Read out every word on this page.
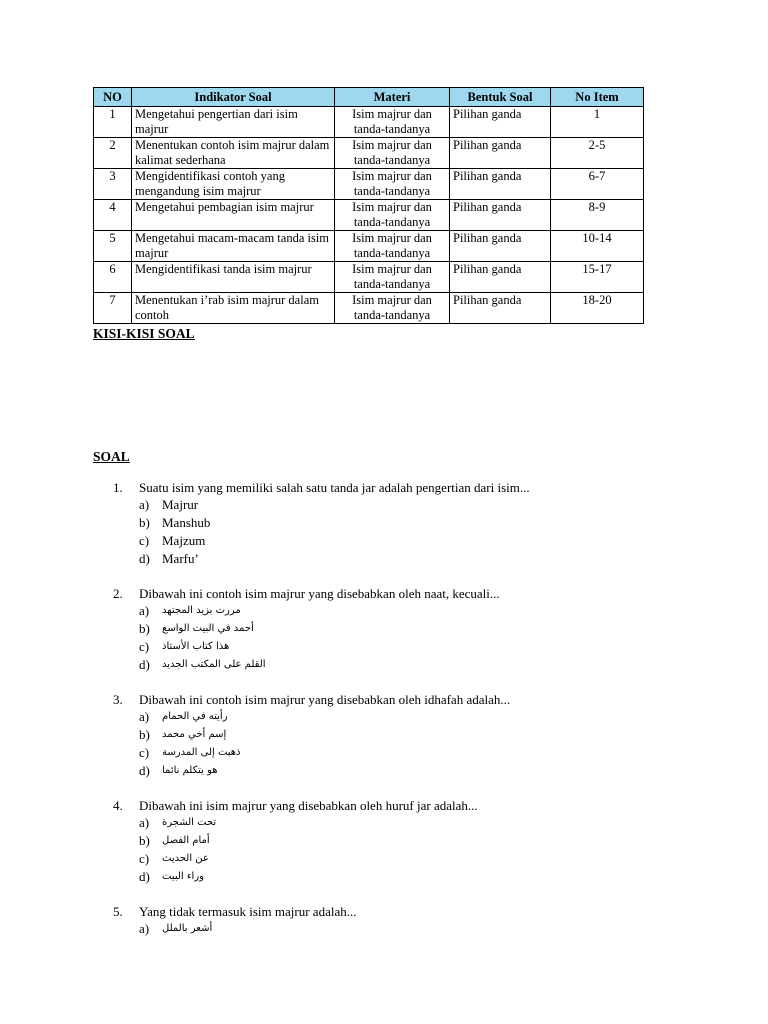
NO	Indikator Soal	Materi	Bentuk Soal	No Item
1	Mengetahui pengertian dari isim majrur	Isim majrur dan tanda-tandanya	Pilihan ganda	1
2	Menentukan contoh isim majrur dalam kalimat sederhana	Isim majrur dan tanda-tandanya	Pilihan ganda	2-5
3	Mengidentifikasi contoh yang mengandung isim majrur	Isim majrur dan tanda-tandanya	Pilihan ganda	6-7
4	Mengetahui pembagian isim majrur	Isim majrur dan tanda-tandanya	Pilihan ganda	8-9
5	Mengetahui macam-macam tanda isim majrur	Isim majrur dan tanda-tandanya	Pilihan ganda	10-14
6	Mengidentifikasi tanda isim majrur	Isim majrur dan tanda-tandanya	Pilihan ganda	15-17
7	Menentukan i’rab isim majrur dalam contoh	Isim majrur dan tanda-tandanya	Pilihan ganda	18-20
KISI-KISI SOAL
SOAL
1.	Suatu isim yang memiliki salah satu tanda jar adalah pengertian dari isim...
a) Majrur
b) Manshub
c) Majzum
d) Marfu’
2.	Dibawah ini contoh isim majrur yang disebabkan oleh naat, kecuali...
a)	مررت بزيد المجتهد
b)	أحمد في البيت الواسع
c)	هذا كتاب الأستاذ
d)	القلم على المكتب الجديد
3.	Dibawah ini contoh isim majrur yang disebabkan oleh idhafah adalah...
a)	رأيته في الحمام
b)	إسم أخي محمد
c)	ذهبت إلى المدرسة
d)	هو يتكلم نائما
4.	Dibawah ini isim majrur yang disebabkan oleh huruf jar adalah...
a)	تحت الشجرة
b)	أمام الفصل
c)	عن الحديث
d)	وراء البيت
5.	Yang tidak termasuk isim majrur adalah...
a)	أشعر بالملل
